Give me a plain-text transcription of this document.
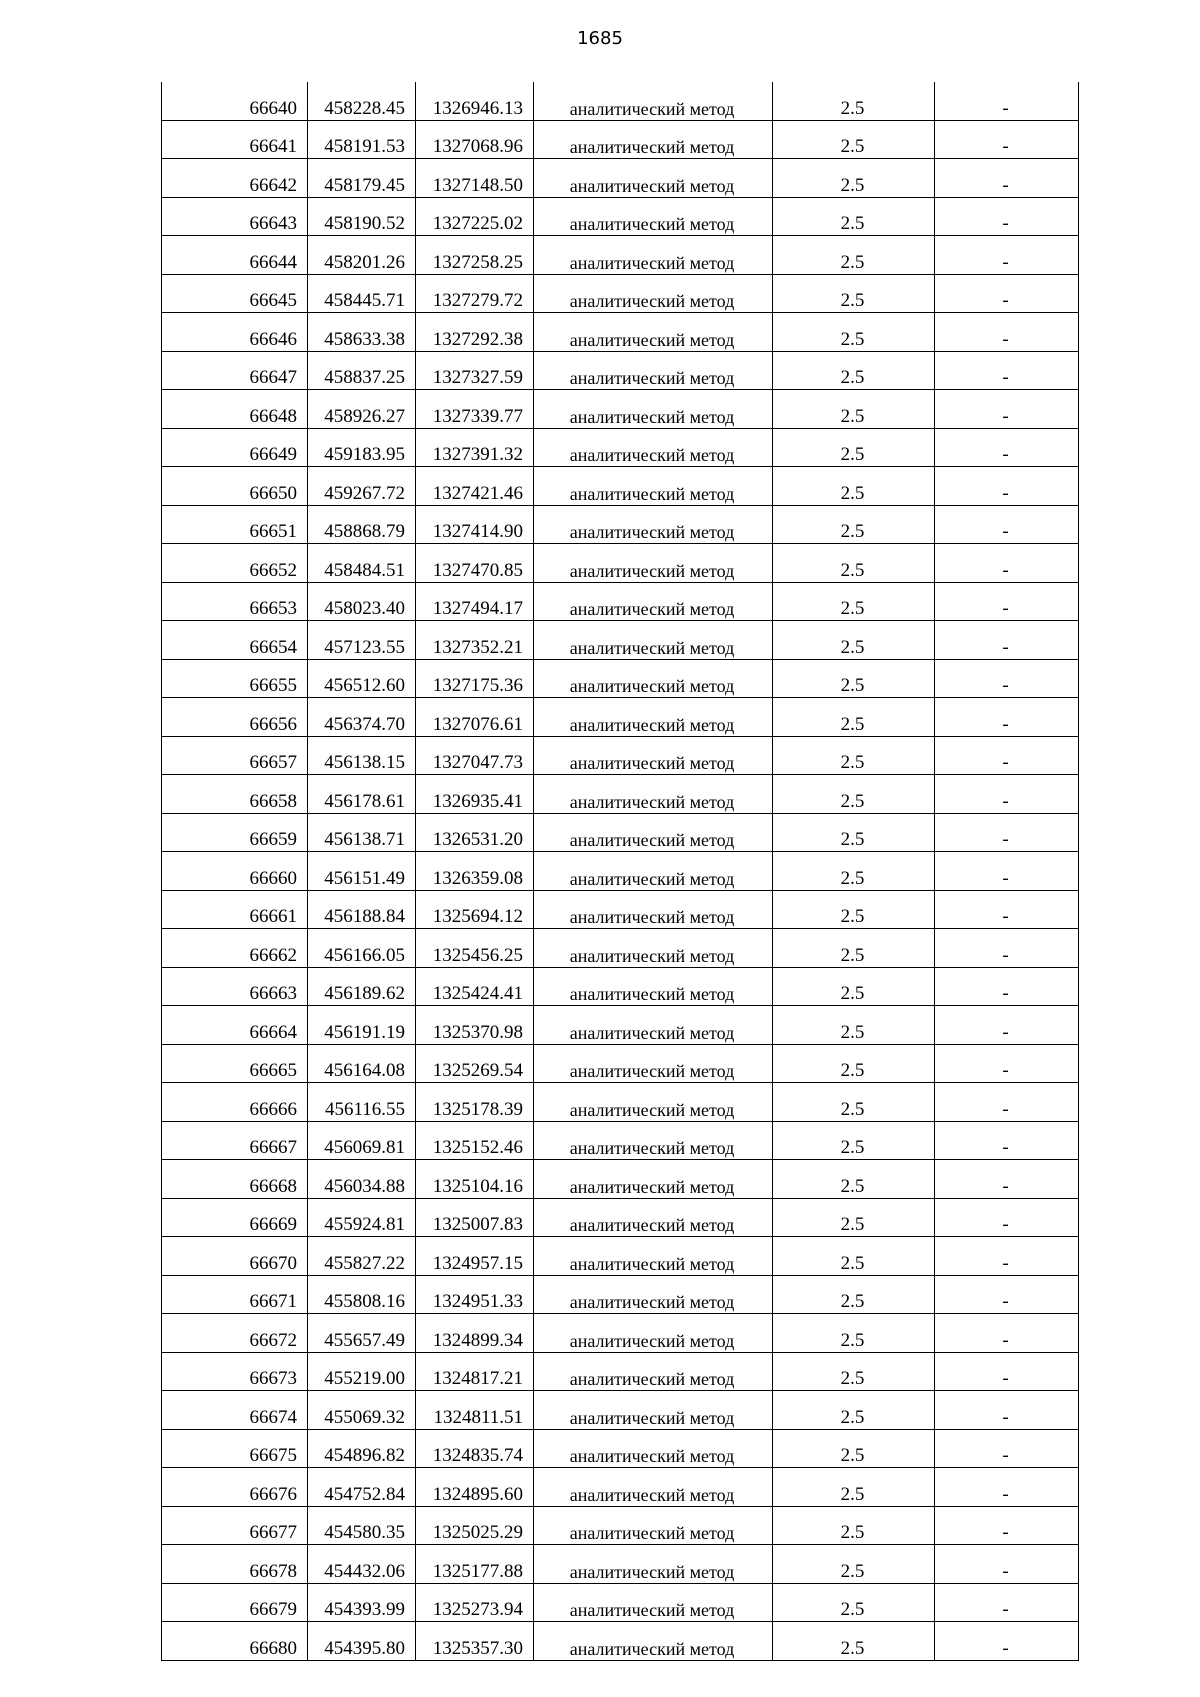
1685
66640	458228.45	1326946.13	аналитический метод	2.5	-
66641	458191.53	1327068.96	аналитический метод	2.5	-
66642	458179.45	1327148.50	аналитический метод	2.5	-
66643	458190.52	1327225.02	аналитический метод	2.5	-
66644	458201.26	1327258.25	аналитический метод	2.5	-
66645	458445.71	1327279.72	аналитический метод	2.5	-
66646	458633.38	1327292.38	аналитический метод	2.5	-
66647	458837.25	1327327.59	аналитический метод	2.5	-
66648	458926.27	1327339.77	аналитический метод	2.5	-
66649	459183.95	1327391.32	аналитический метод	2.5	-
66650	459267.72	1327421.46	аналитический метод	2.5	-
66651	458868.79	1327414.90	аналитический метод	2.5	-
66652	458484.51	1327470.85	аналитический метод	2.5	-
66653	458023.40	1327494.17	аналитический метод	2.5	-
66654	457123.55	1327352.21	аналитический метод	2.5	-
66655	456512.60	1327175.36	аналитический метод	2.5	-
66656	456374.70	1327076.61	аналитический метод	2.5	-
66657	456138.15	1327047.73	аналитический метод	2.5	-
66658	456178.61	1326935.41	аналитический метод	2.5	-
66659	456138.71	1326531.20	аналитический метод	2.5	-
66660	456151.49	1326359.08	аналитический метод	2.5	-
66661	456188.84	1325694.12	аналитический метод	2.5	-
66662	456166.05	1325456.25	аналитический метод	2.5	-
66663	456189.62	1325424.41	аналитический метод	2.5	-
66664	456191.19	1325370.98	аналитический метод	2.5	-
66665	456164.08	1325269.54	аналитический метод	2.5	-
66666	456116.55	1325178.39	аналитический метод	2.5	-
66667	456069.81	1325152.46	аналитический метод	2.5	-
66668	456034.88	1325104.16	аналитический метод	2.5	-
66669	455924.81	1325007.83	аналитический метод	2.5	-
66670	455827.22	1324957.15	аналитический метод	2.5	-
66671	455808.16	1324951.33	аналитический метод	2.5	-
66672	455657.49	1324899.34	аналитический метод	2.5	-
66673	455219.00	1324817.21	аналитический метод	2.5	-
66674	455069.32	1324811.51	аналитический метод	2.5	-
66675	454896.82	1324835.74	аналитический метод	2.5	-
66676	454752.84	1324895.60	аналитический метод	2.5	-
66677	454580.35	1325025.29	аналитический метод	2.5	-
66678	454432.06	1325177.88	аналитический метод	2.5	-
66679	454393.99	1325273.94	аналитический метод	2.5	-
66680	454395.80	1325357.30	аналитический метод	2.5	-
